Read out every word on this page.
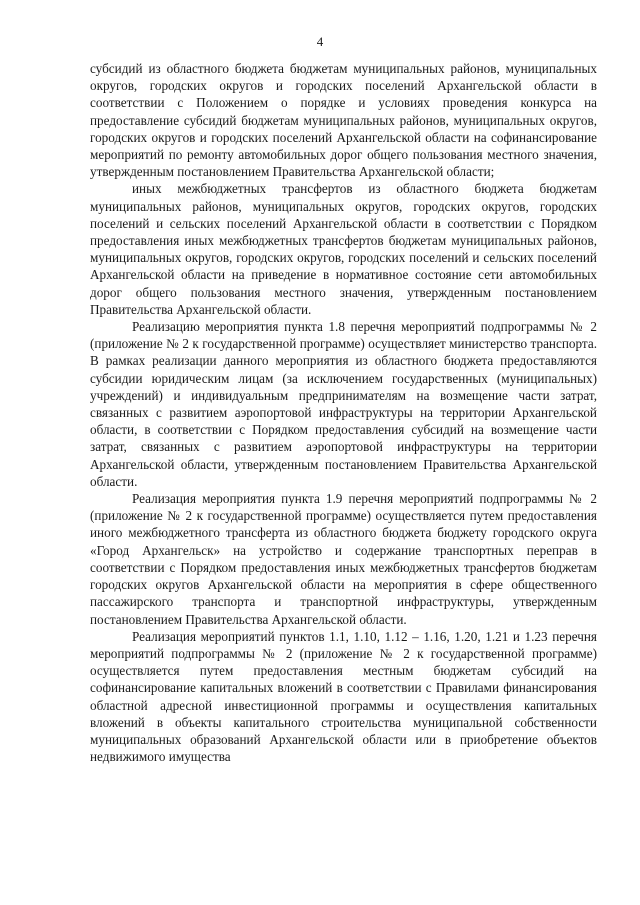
4

субсидий из областного бюджета бюджетам муниципальных районов, муниципальных округов, городских округов и городских поселений Архангельской области в соответствии с Положением о порядке и условиях проведения конкурса на предоставление субсидий бюджетам муниципальных районов, муниципальных округов, городских округов и городских поселений Архангельской области на софинансирование мероприятий по ремонту автомобильных дорог общего пользования местного значения, утвержденным постановлением Правительства Архангельской области;

иных межбюджетных трансфертов из областного бюджета бюджетам муниципальных районов, муниципальных округов, городских округов, городских поселений и сельских поселений Архангельской области в соответствии с Порядком предоставления иных межбюджетных трансфертов бюджетам муниципальных районов, муниципальных округов, городских округов, городских поселений и сельских поселений Архангельской области на приведение в нормативное состояние сети автомобильных дорог общего пользования местного значения, утвержденным постановлением Правительства Архангельской области.

Реализацию мероприятия пункта 1.8 перечня мероприятий подпрограммы № 2 (приложение № 2 к государственной программе) осуществляет министерство транспорта. В рамках реализации данного мероприятия из областного бюджета предоставляются субсидии юридическим лицам (за исключением государственных (муниципальных) учреждений) и индивидуальным предпринимателям на возмещение части затрат, связанных с развитием аэропортовой инфраструктуры на территории Архангельской области, в соответствии с Порядком предоставления субсидий на возмещение части затрат, связанных с развитием аэропортовой инфраструктуры на территории Архангельской области, утвержденным постановлением Правительства Архангельской области.

Реализация мероприятия пункта 1.9 перечня мероприятий подпрограммы № 2 (приложение № 2 к государственной программе) осуществляется путем предоставления иного межбюджетного трансферта из областного бюджета бюджету городского округа «Город Архангельск» на устройство и содержание транспортных переправ в соответствии с Порядком предоставления иных межбюджетных трансфертов бюджетам городских округов Архангельской области на мероприятия в сфере общественного пассажирского транспорта и транспортной инфраструктуры, утвержденным постановлением Правительства Архангельской области.

Реализация мероприятий пунктов 1.1, 1.10, 1.12 – 1.16, 1.20, 1.21 и 1.23 перечня мероприятий подпрограммы № 2 (приложение № 2 к государственной программе) осуществляется путем предоставления местным бюджетам субсидий на софинансирование капитальных вложений в соответствии с Правилами финансирования областной адресной инвестиционной программы и осуществления капитальных вложений в объекты капитального строительства муниципальной собственности муниципальных образований Архангельской области или в приобретение объектов недвижимого имущества
